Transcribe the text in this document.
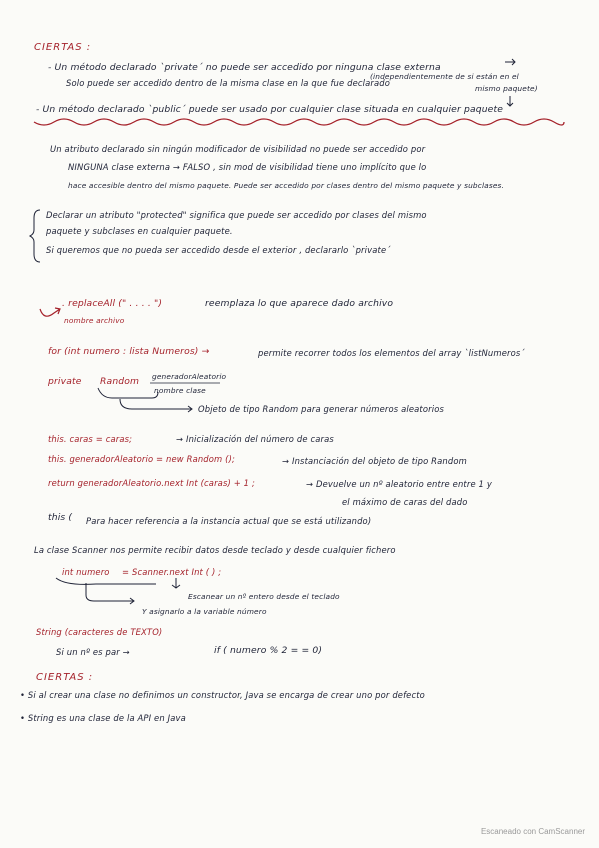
CIERTAS :
- Un método declarado `private´ no puede ser accedido por ninguna clase externa
Solo puede ser accedido dentro de la misma clase en la que fue declarado
(independientemente de si están en el
mismo paquete)
- Un método declarado `public´ puede ser usado por cualquier clase situada en cualquier paquete
Un atributo declarado sin ningún modificador de visibilidad no puede ser accedido por
NINGUNA clase externa → FALSO , sin mod de visibilidad tiene uno implícito que lo
hace accesible dentro del mismo paquete. Puede ser accedido por clases dentro del mismo paquete y subclases.
Declarar un atributo "protected" significa que puede ser accedido por clases del mismo
paquete y subclases en cualquier paquete.
Si queremos que no pueda ser accedido desde el exterior , declararlo `private´
. replaceAll (" . . . . ")	reemplaza lo que aparece dado archivo
nombre archivo
for (int numero : lista Numeros) →	permite recorrer todos los elementos del array `listNumeros´
private Random generadorAleatorio
nombre clase
Objeto de tipo Random para generar números aleatorios
this. caras = caras;	→ Inicialización del número de caras
this. generadorAleatorio = new Random ();	→ Instanciación del objeto de tipo Random
return generadorAleatorio.next Int (caras) + 1 ;	→ Devuelve un nº aleatorio entre entre 1 y
el máximo de caras del dado
this ( Para hacer referencia a la instancia actual que se está utilizando)
La clase Scanner nos permite recibir datos desde teclado y desde cualquier fichero
int numero = Scanner.next Int ( ) ;
Escanear un nº entero desde el teclado
Y asignarlo a la variable número
String (caracteres de TEXTO)
Si un nº es par →	if ( numero % 2 = = 0)
CIERTAS :
• Si al crear una clase no definimos un constructor, Java se encarga de crear uno por defecto
• String es una clase de la API en Java
Escaneado con CamScanner
